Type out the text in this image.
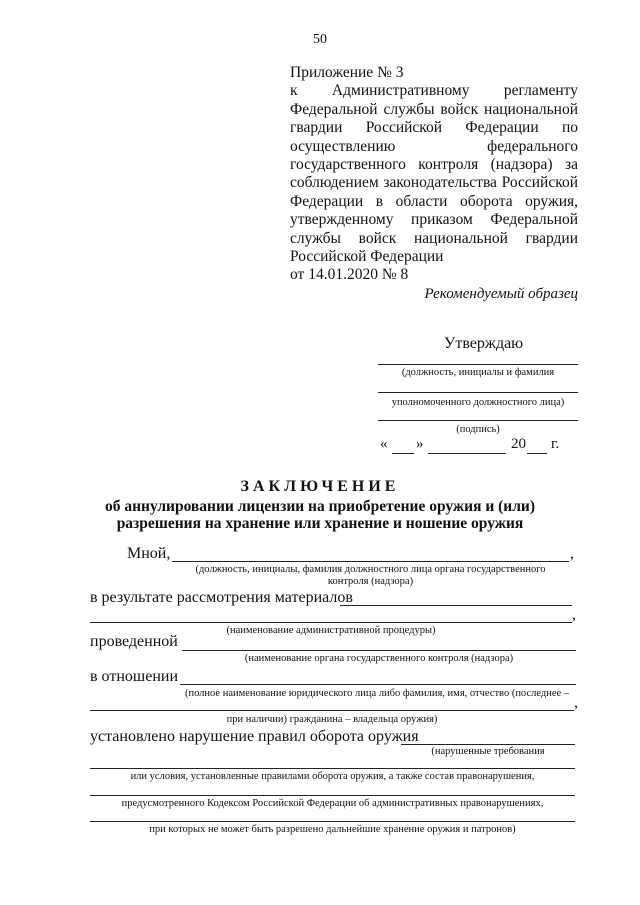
50
Приложение № 3
к Административному регламенту
Федеральной службы войск национальной
гвардии Российской Федерации по
осуществлению федерального
государственного контроля (надзора) за
соблюдением законодательства Российской
Федерации в области оборота оружия,
утвержденному приказом Федеральной
службы войск национальной гвардии
Российской Федерации
от 14.01.2020 № 8
Рекомендуемый образец
Утверждаю
(должность, инициалы и фамилия
уполномоченного должностного лица)
(подпись)
« »	20 г.
ЗАКЛЮЧЕНИЕ
об аннулировании лицензии на приобретение оружия и (или)
разрешения на хранение или хранение и ношение оружия
Мной,	,
(должность, инициалы, фамилия должностного лица органа государственного
контроля (надзора)
в результате рассмотрения материалов
,
(наименование административной процедуры)
проведенной
(наименование органа государственного контроля (надзора)
в отношении
(полное наименование юридического лица либо фамилия, имя, отчество (последнее –
,
при наличии) гражданина – владельца оружия)
установлено нарушение правил оборота оружия
(нарушенные требования
или условия, установленные правилами оборота оружия, а также состав правонарушения,
предусмотренного Кодексом Российской Федерации об административных правонарушениях,
при которых не может быть разрешено дальнейшие хранение оружия и патронов)
